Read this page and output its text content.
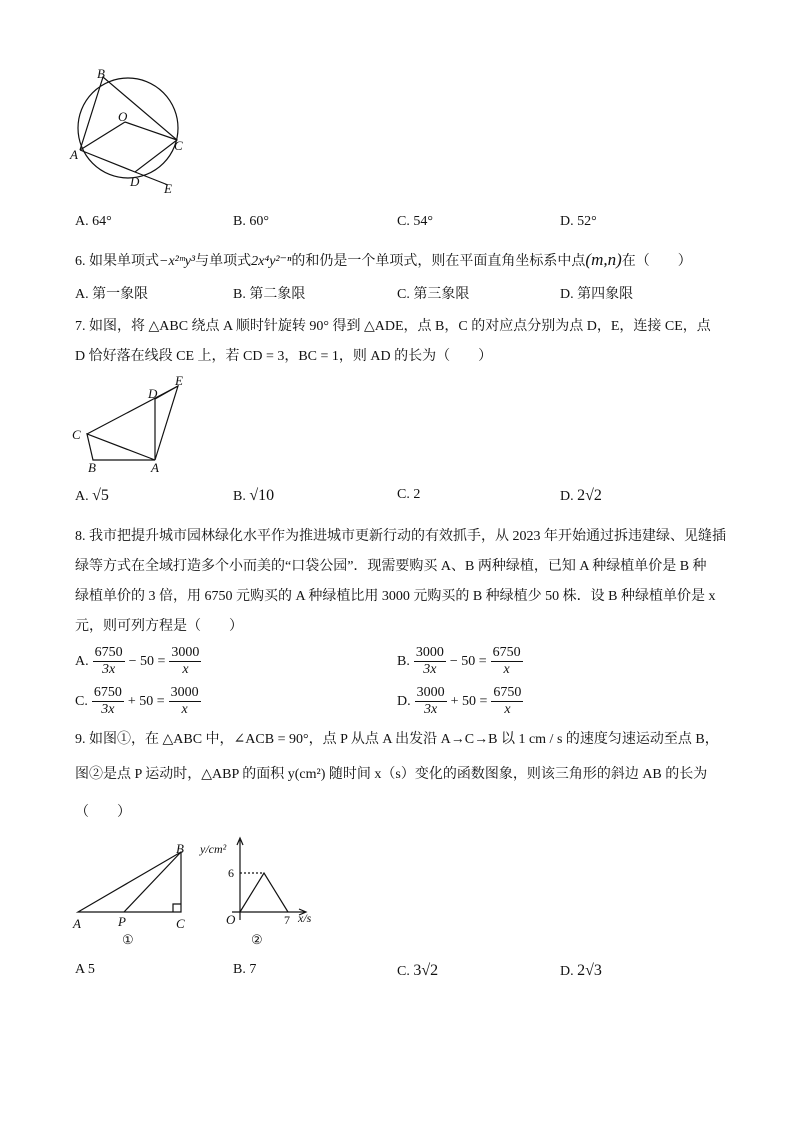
B
O
A
C
D E
E
D
C
B	A
B
A	P	C
①
y/cm²
6
O	7 x/s
②
A. 64°	B. 60°	C. 54°	D. 52°
6. 如果单项式−x²ᵐy³与单项式2x⁴y²⁻ⁿ的和仍是一个单项式，则在平面直角坐标系中点(m,n)在（　　）
A. 第一象限	B. 第二象限	C. 第三象限	D. 第四象限
7. 如图，将 △ABC 绕点 A 顺时针旋转 90° 得到 △ADE，点 B，C 的对应点分别为点 D，E，连接 CE，点
D 恰好落在线段 CE 上，若 CD = 3，BC = 1，则 AD 的长为（　　）
A. √5	B. √10	C. 2	D. 2√2
8. 我市把提升城市园林绿化水平作为推进城市更新行动的有效抓手，从 2023 年开始通过拆违建绿、见缝插
绿等方式在全域打造多个小而美的“口袋公园”．现需要购买 A、B 两种绿植，已知 A 种绿植单价是 B 种
绿植单价的 3 倍，用 6750 元购买的 A 种绿植比用 3000 元购买的 B 种绿植少 50 株．设 B 种绿植单价是 x
元，则可列方程是（　　）
A. $\frac{6750}{3x} - 50 = \frac{3000}{x}$	B. $\frac{3000}{3x} - 50 = \frac{6750}{x}$
C. $\frac{6750}{3x} + 50 = \frac{3000}{x}$	D. $\frac{3000}{3x} + 50 = \frac{6750}{x}$
9. 如图①，在 △ABC 中，∠ACB = 90°，点 P 从点 A 出发沿 A→C→B 以 1 cm / s 的速度匀速运动至点 B，
图②是点 P 运动时，△ABP 的面积 y(cm²) 随时间 x（s）变化的函数图象，则该三角形的斜边 AB 的长为
（　　）
A 5	B. 7	C. 3√2	D. 2√3
